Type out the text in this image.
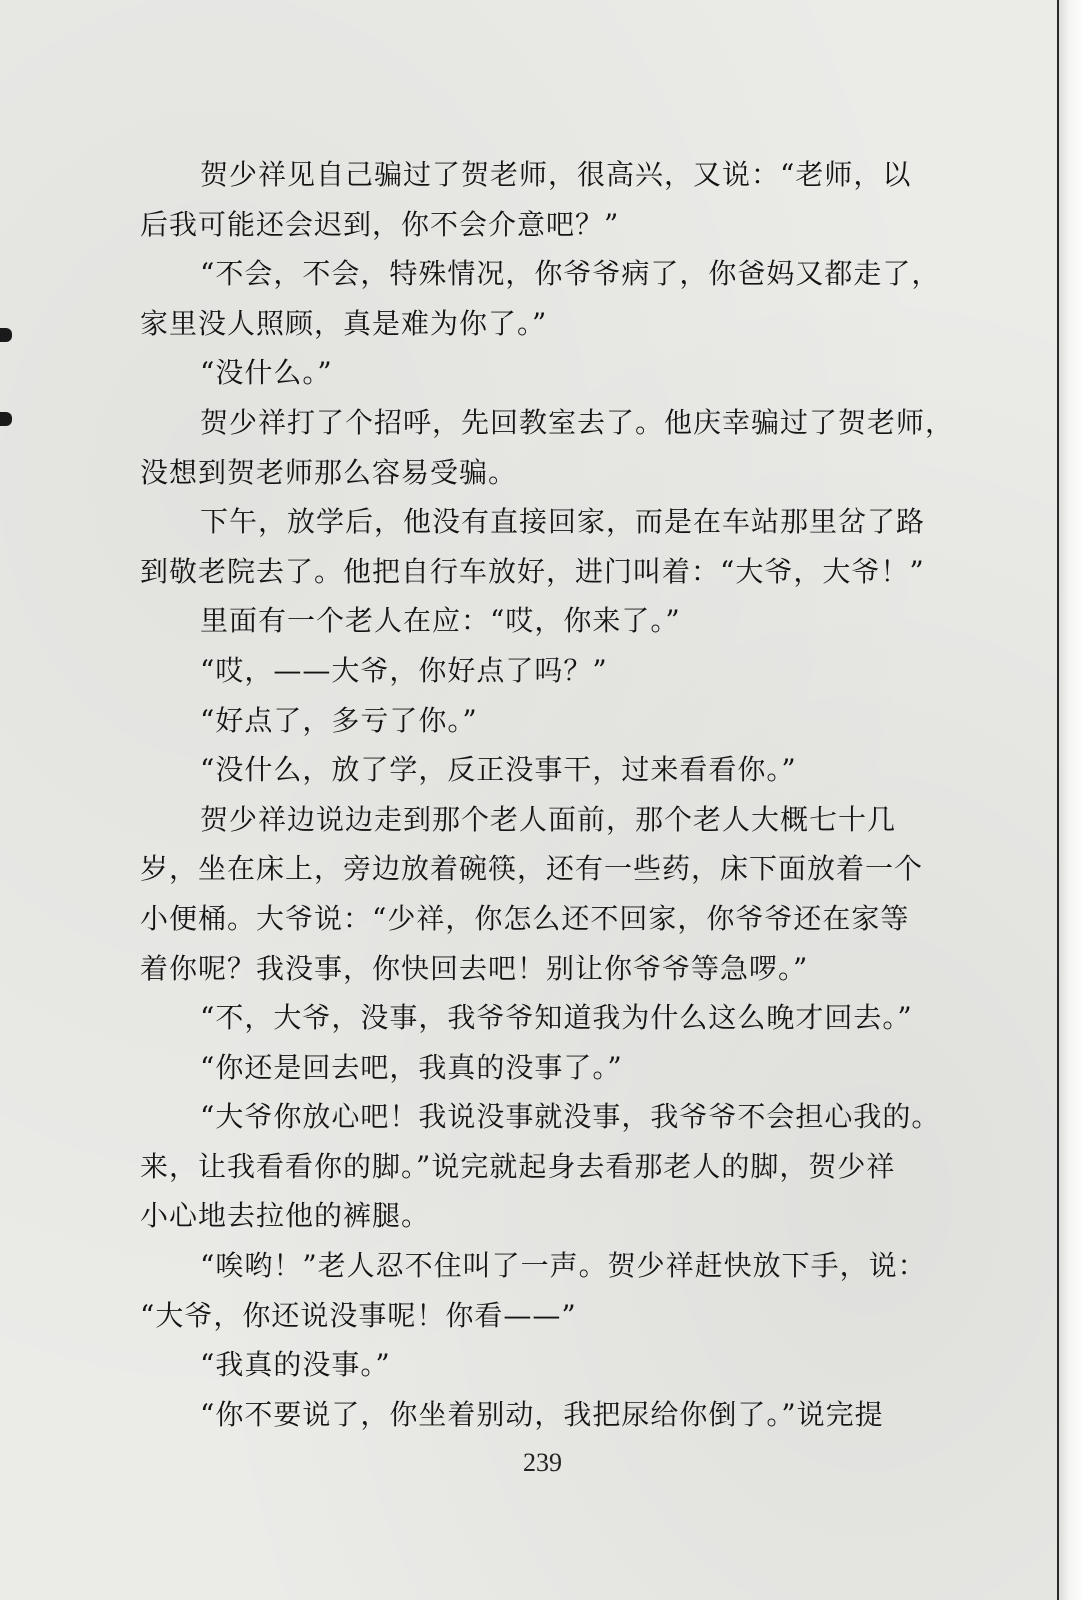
贺少祥见自己骗过了贺老师，很高兴，又说：“老师，以
后我可能还会迟到，你不会介意吧？”
“不会，不会，特殊情况，你爷爷病了，你爸妈又都走了，
家里没人照顾，真是难为你了。”
“没什么。”
贺少祥打了个招呼，先回教室去了。他庆幸骗过了贺老师，
没想到贺老师那么容易受骗。
下午，放学后，他没有直接回家，而是在车站那里岔了路
到敬老院去了。他把自行车放好，进门叫着：“大爷，大爷！”
里面有一个老人在应：“哎，你来了。”
“哎，——大爷，你好点了吗？”
“好点了，多亏了你。”
“没什么，放了学，反正没事干，过来看看你。”
贺少祥边说边走到那个老人面前，那个老人大概七十几
岁，坐在床上，旁边放着碗筷，还有一些药，床下面放着一个
小便桶。大爷说：“少祥，你怎么还不回家，你爷爷还在家等
着你呢？我没事，你快回去吧！别让你爷爷等急啰。”
“不，大爷，没事，我爷爷知道我为什么这么晚才回去。”
“你还是回去吧，我真的没事了。”
“大爷你放心吧！我说没事就没事，我爷爷不会担心我的。
来，让我看看你的脚。”说完就起身去看那老人的脚，贺少祥
小心地去拉他的裤腿。
“唉哟！”老人忍不住叫了一声。贺少祥赶快放下手，说：
“大爷，你还说没事呢！你看——”
“我真的没事。”
“你不要说了，你坐着别动，我把尿给你倒了。”说完提
239
